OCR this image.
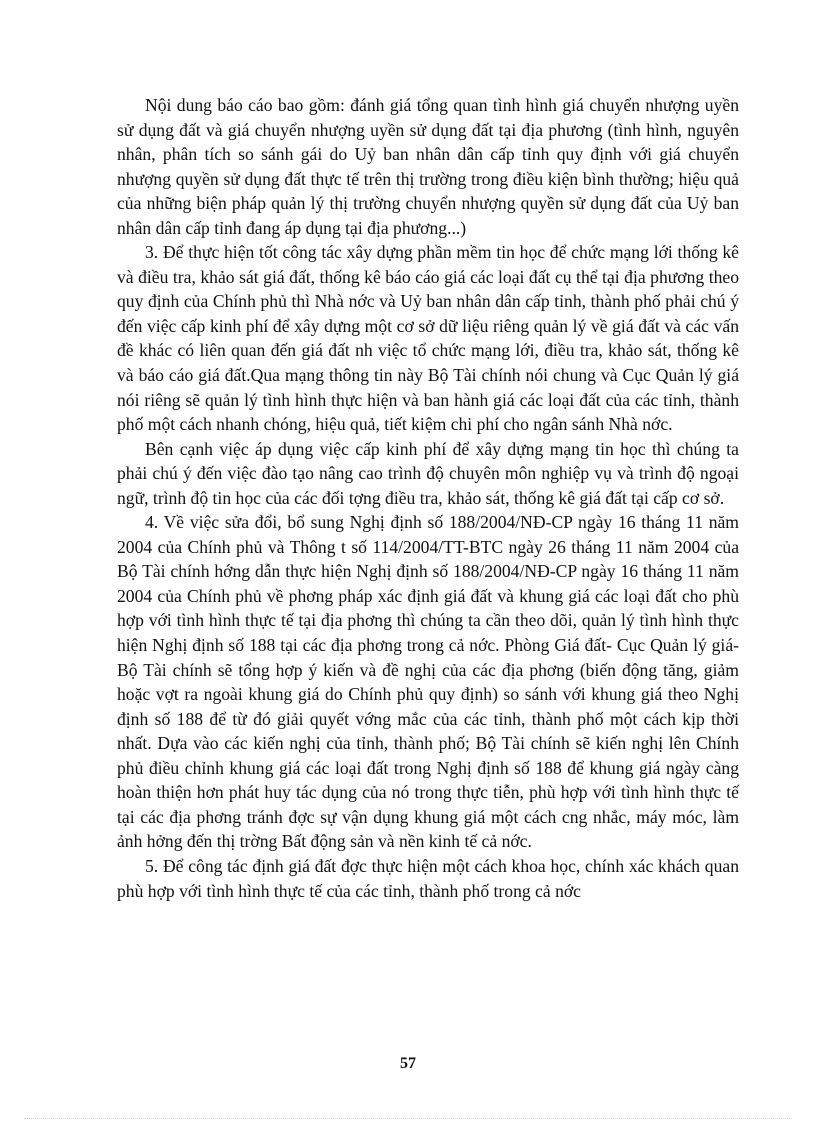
Nội dung báo cáo bao gồm: đánh giá tổng quan tình hình giá chuyển nhượng uyền sử dụng đất và giá chuyển nhượng uyền sử dụng đất tại địa phương (tình hình, nguyên nhân, phân tích so sánh gái do Uỷ ban nhân dân cấp tỉnh quy định với giá chuyển nhượng quyền sử dụng đất thực tế trên thị trường trong điều kiện bình thường; hiệu quả của những biện pháp quản lý thị trường chuyển nhượng quyền sử dụng đất của Uỷ ban nhân dân cấp tỉnh đang áp dụng tại địa phương...)

3. Để thực hiện tốt công tác xây dựng phần mềm tin học để chức mạng lới thống kê và điều tra, khảo sát giá đất, thống kê báo cáo giá các loại đất cụ thể tại địa phương theo quy định của Chính phủ thì Nhà nớc và Uỷ ban nhân dân cấp tỉnh, thành phố phải chú ý đến việc cấp kinh phí để xây dựng một cơ sở dữ liệu riêng quản lý về giá đất và các vấn đề khác có liên quan đến giá đất nh việc tổ chức mạng lới, điều tra, khảo sát, thống kê và báo cáo giá đất.Qua mạng thông tin này Bộ Tài chính nói chung và Cục Quản lý giá nói riêng sẽ quản lý tình hình thực hiện và ban hành giá các loại đất của các tỉnh, thành phố một cách nhanh chóng, hiệu quả, tiết kiệm chi phí cho ngân sánh Nhà nớc.

Bên cạnh việc áp dụng việc cấp kinh phí để xây dựng mạng tin học thì chúng ta phải chú ý đến việc đào tạo nâng cao trình độ chuyên môn nghiệp vụ và trình độ ngoại ngữ, trình độ tin học của các đối tợng điều tra, khảo sát, thống kê giá đất tại cấp cơ sở.

4. Về việc sửa đổi, bổ sung Nghị định số 188/2004/NĐ-CP ngày 16 tháng 11 năm 2004 của Chính phủ và Thông t số 114/2004/TT-BTC ngày 26 tháng 11 năm 2004 của Bộ Tài chính hớng dẫn thực hiện Nghị định số 188/2004/NĐ-CP ngày 16 tháng 11 năm 2004 của Chính phủ về phơng pháp xác định giá đất và khung giá các loại đất cho phù hợp với tình hình thực tế tại địa phơng thì chúng ta cần theo dõi, quản lý tình hình thực hiện Nghị định số 188 tại các địa phơng trong cả nớc. Phòng Giá đất- Cục Quản lý giá- Bộ Tài chính sẽ tổng hợp ý kiến và đề nghị của các địa phơng (biến động tăng, giảm hoặc vợt ra ngoài khung giá do Chính phủ quy định) so sánh với khung giá theo Nghị định số 188 để từ đó giải quyết vớng mắc của các tỉnh, thành phố một cách kịp thời nhất. Dựa vào các kiến nghị của tỉnh, thành phố; Bộ Tài chính sẽ kiến nghị lên Chính phủ điều chỉnh khung giá các loại đất trong Nghị định số 188 để khung giá ngày càng hoàn thiện hơn phát huy tác dụng của nó trong thực tiễn, phù hợp với tình hình thực tế tại các địa phơng tránh đợc sự vận dụng khung giá một cách cng nhắc, máy móc, làm ảnh hởng đến thị trờng Bất động sản và nền kinh tế cả nớc.

5. Để công tác định giá đất đợc thực hiện một cách khoa học, chính xác khách quan phù hợp với tình hình thực tế của các tỉnh, thành phố trong cả nớc

57
